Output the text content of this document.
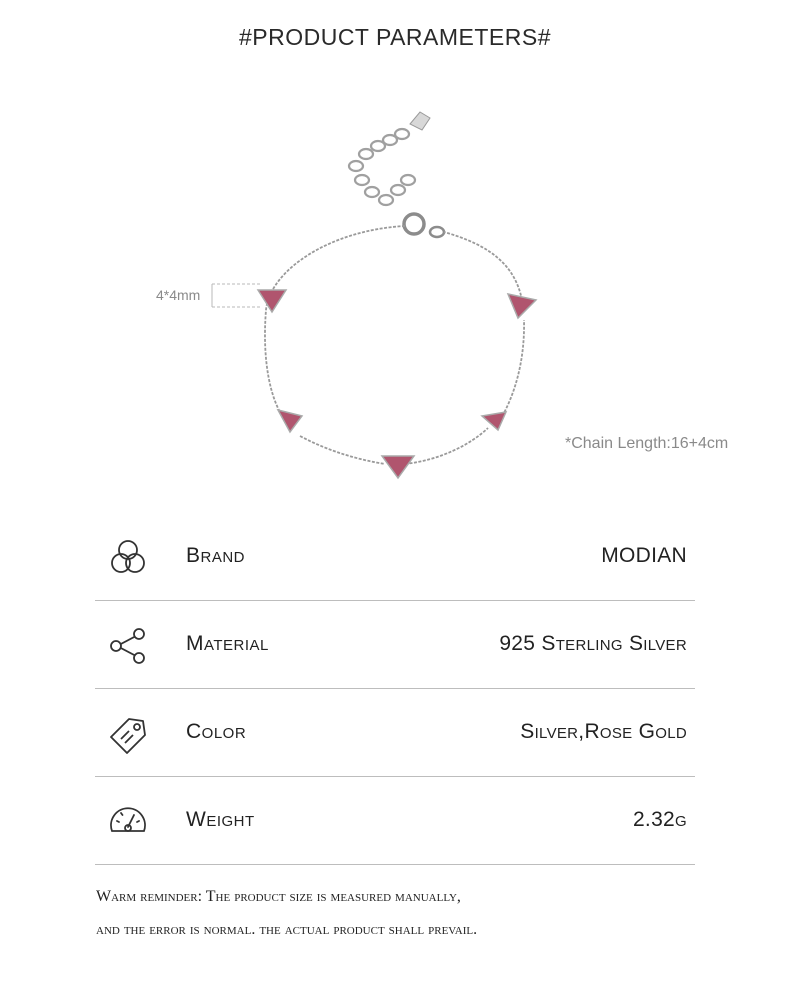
#PRODUCT PARAMETERS#
4*4mm
*Chain Length:16+4cm
Brand	MODIAN
Material	925 Sterling Silver
Color	Silver,Rose Gold
Weight	2.32g
Warm reminder: The product size is measured manually,
and the error is normal. the actual product shall prevail.
